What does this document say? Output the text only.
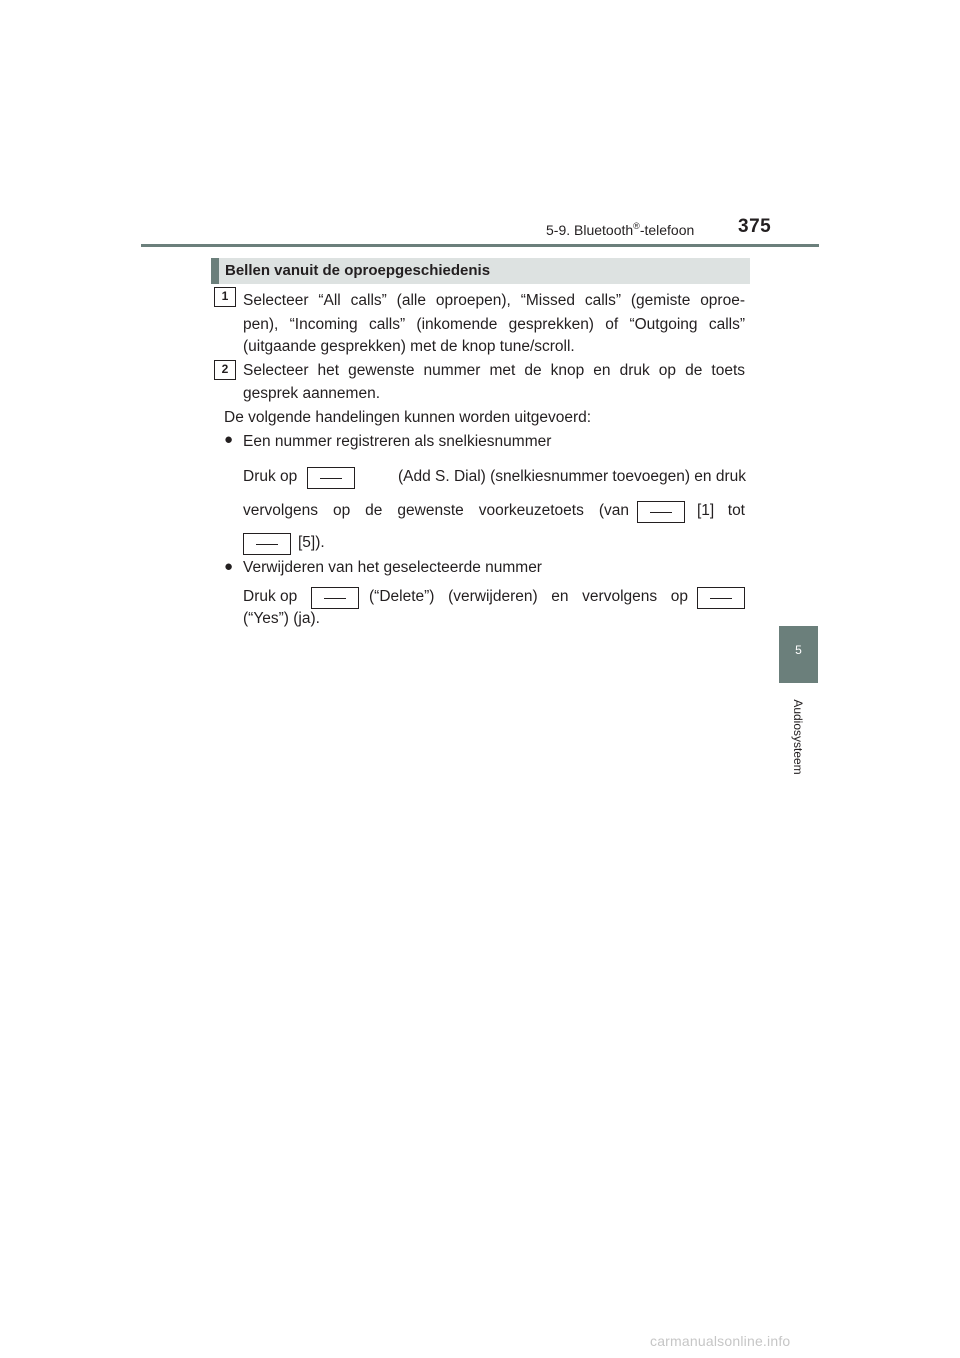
5-9. Bluetooth®-telefoon 375
Bellen vanuit de oproepgeschiedenis
1 Selecteer “All calls” (alle oproepen), “Missed calls” (gemiste oproe-
pen), “Incoming calls” (inkomende gesprekken) of “Outgoing calls”
(uitgaande gesprekken) met de knop tune/scroll.
2 Selecteer het gewenste nummer met de knop en druk op de toets
gesprek aannemen.
De volgende handelingen kunnen worden uitgevoerd:
● Een nummer registreren als snelkiesnummer
Druk op	(Add S. Dial) (snelkiesnummer toevoegen) en druk
vervolgens op de gewenste voorkeuzetoets (van	[1] tot
[5]).
● Verwijderen van het geselecteerde nummer
Druk op	(“Delete”) (verwijderen) en vervolgens op
(“Yes”) (ja).
5
Audiosysteem
carmanualsonline.info
